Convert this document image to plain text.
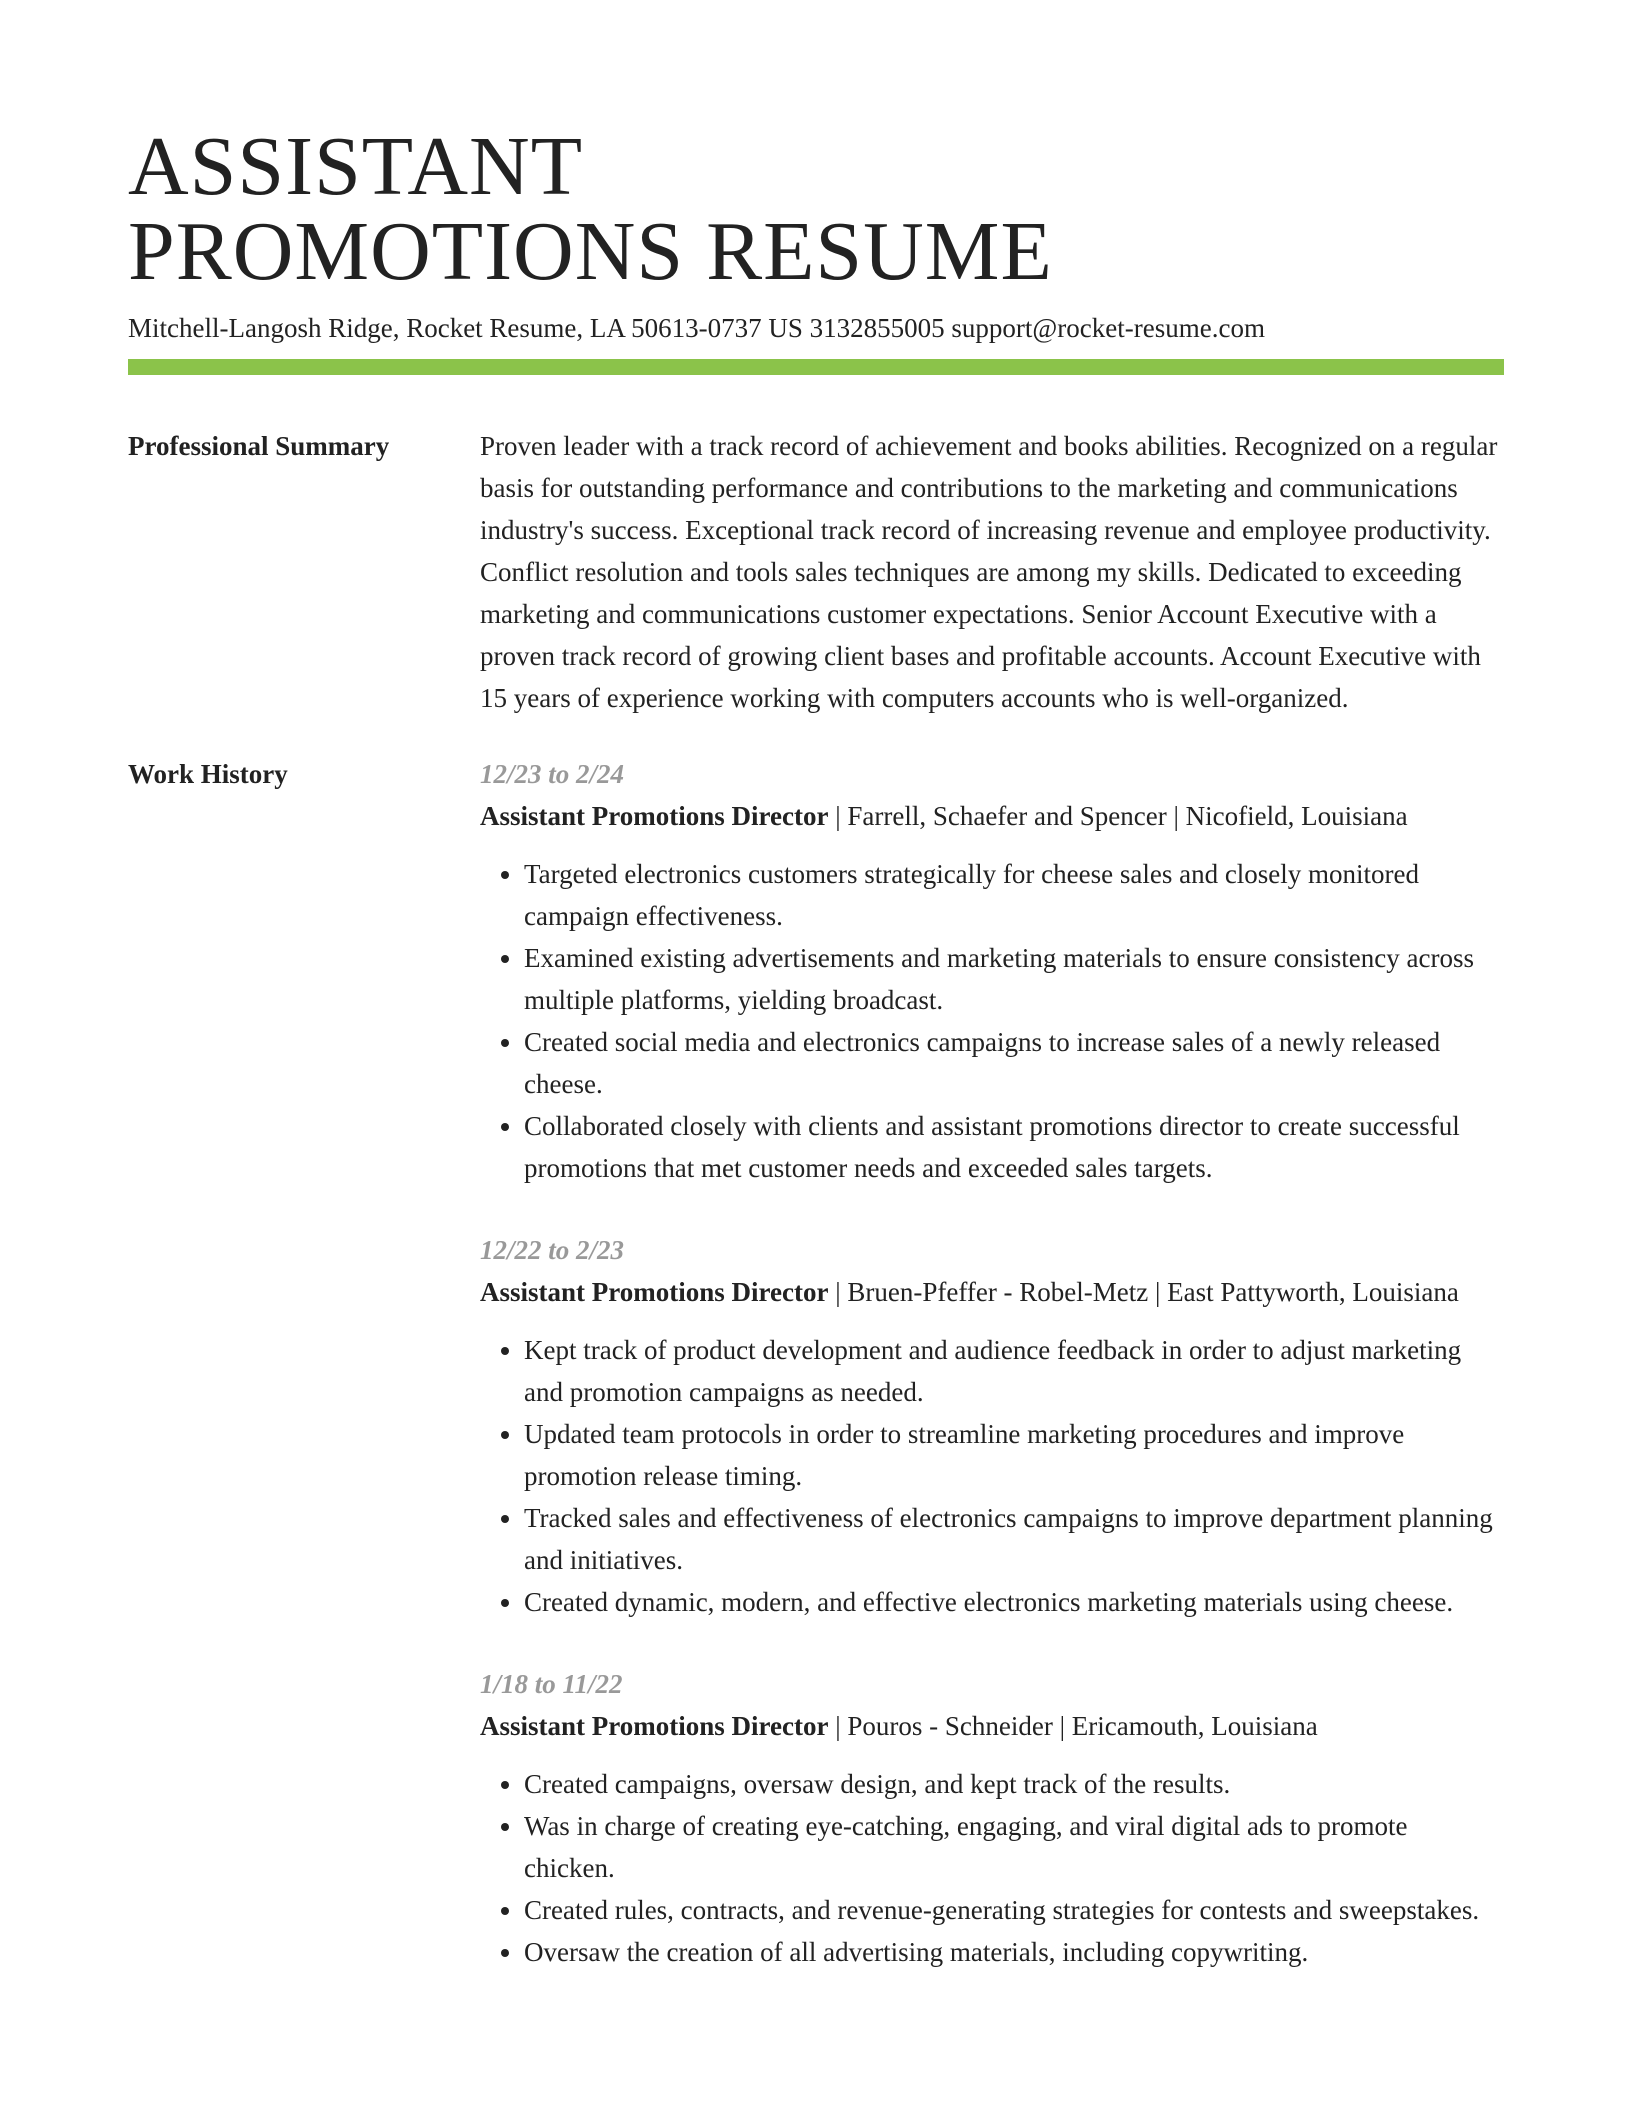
ASSISTANT
PROMOTIONS RESUME
Mitchell-Langosh Ridge, Rocket Resume, LA 50613-0737 US 3132855005 support@rocket-resume.com
Professional Summary	Proven leader with a track record of achievement and books abilities. Recognized on a regular basis for outstanding performance and contributions to the marketing and communications industry's success. Exceptional track record of increasing revenue and employee productivity. Conflict resolution and tools sales techniques are among my skills. Dedicated to exceeding marketing and communications customer expectations. Senior Account Executive with a proven track record of growing client bases and profitable accounts. Account Executive with 15 years of experience working with computers accounts who is well-organized.
Work History	12/23 to 2/24
Assistant Promotions Director | Farrell, Schaefer and Spencer | Nicofield, Louisiana
• Targeted electronics customers strategically for cheese sales and closely monitored campaign effectiveness.
• Examined existing advertisements and marketing materials to ensure consistency across multiple platforms, yielding broadcast.
• Created social media and electronics campaigns to increase sales of a newly released cheese.
• Collaborated closely with clients and assistant promotions director to create successful promotions that met customer needs and exceeded sales targets.
12/22 to 2/23
Assistant Promotions Director | Bruen-Pfeffer - Robel-Metz | East Pattyworth, Louisiana
• Kept track of product development and audience feedback in order to adjust marketing and promotion campaigns as needed.
• Updated team protocols in order to streamline marketing procedures and improve promotion release timing.
• Tracked sales and effectiveness of electronics campaigns to improve department planning and initiatives.
• Created dynamic, modern, and effective electronics marketing materials using cheese.
1/18 to 11/22
Assistant Promotions Director | Pouros - Schneider | Ericamouth, Louisiana
• Created campaigns, oversaw design, and kept track of the results.
• Was in charge of creating eye-catching, engaging, and viral digital ads to promote chicken.
• Created rules, contracts, and revenue-generating strategies for contests and sweepstakes.
• Oversaw the creation of all advertising materials, including copywriting.
